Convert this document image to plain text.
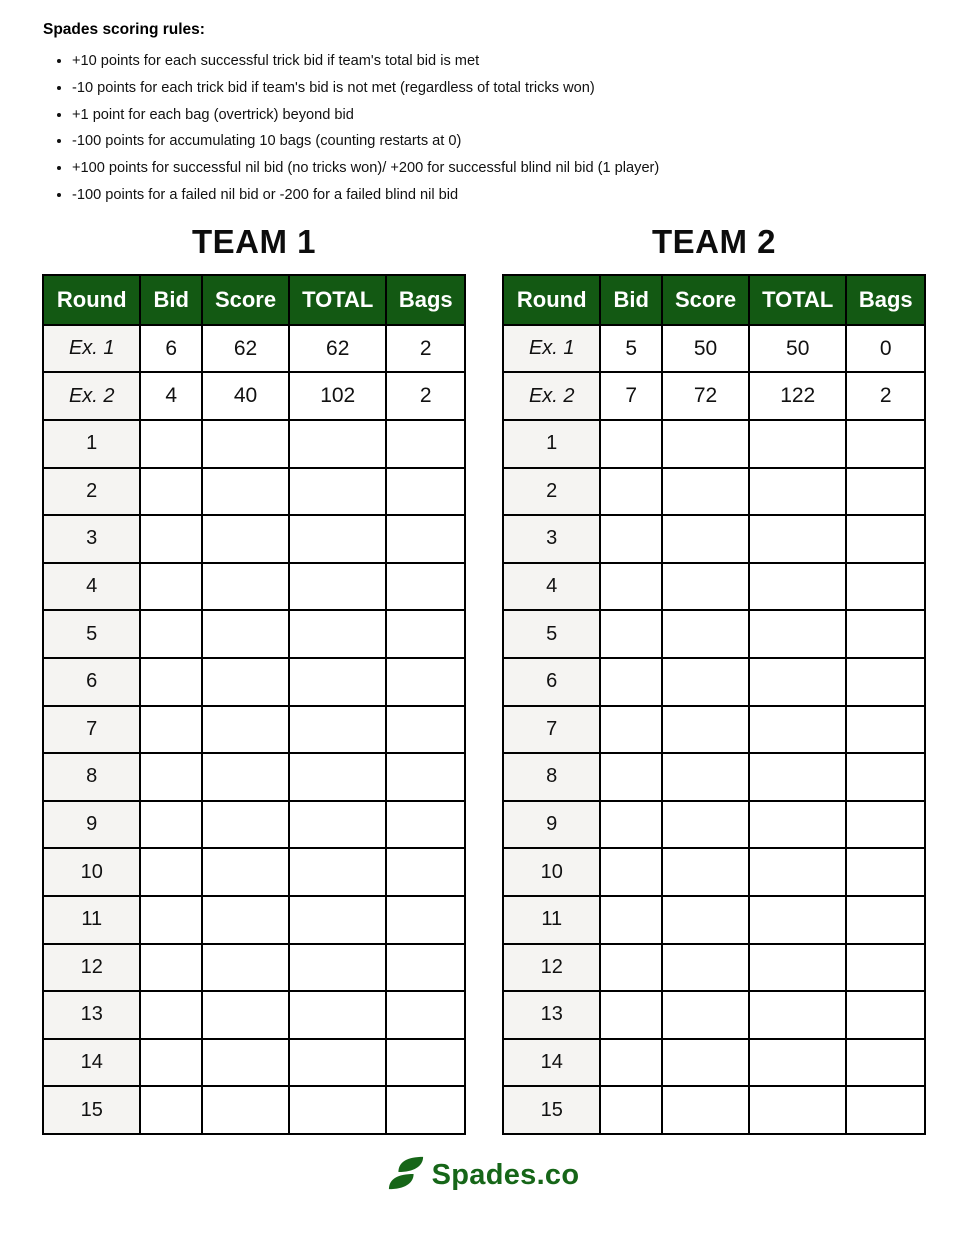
Spades scoring rules:
• +10 points for each successful trick bid if team's total bid is met
• -10 points for each trick bid if team's bid is not met (regardless of total tricks won)
• +1 point for each bag (overtrick) beyond bid
• -100 points for accumulating 10 bags (counting restarts at 0)
• +100 points for successful nil bid (no tricks won)/ +200 for successful blind nil bid (1 player)
• -100 points for a failed nil bid or -200 for a failed blind nil bid
TEAM 1
Round	Bid	Score	TOTAL	Bags
Ex. 1	6	62	62	2
Ex. 2	4	40	102	2
1				
2				
3				
4				
5				
6				
7				
8				
9				
10				
11				
12				
13				
14				
15				
TEAM 2
Round	Bid	Score	TOTAL	Bags
Ex. 1	5	50	50	0
Ex. 2	7	72	122	2
1				
2				
3				
4				
5				
6				
7				
8				
9				
10				
11				
12				
13				
14				
15				
Spades.co
